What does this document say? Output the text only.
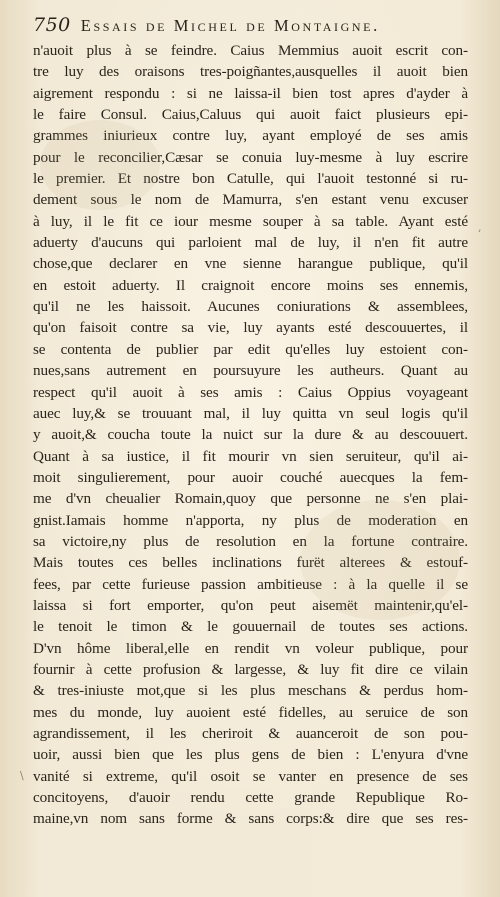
750 Essais de Michel de Montaigne.
n'auoit plus à se feindre. Caius Memmius auoit escrit con-
tre luy des oraisons tres-poigñantes,ausquelles il auoit bien
aigrement respondu : si ne laissa-il bien tost apres d'ayder à
le faire Consul. Caius,Caluus qui auoit faict plusieurs epi-
grammes iniurieux contre luy, ayant employé de ses amis
pour le reconcilier,Cæsar se conuia luy-mesme à luy escrire
le premier. Et nostre bon Catulle, qui l'auoit testonné si ru-
dement sous le nom de Mamurra, s'en estant venu excuser
à luy, il le fit ce iour mesme souper à sa table. Ayant esté
aduerty d'aucuns qui parloient mal de luy, il n'en fit autre
chose,que declarer en vne sienne harangue publique, qu'il
en estoit aduerty. Il craignoit encore moins ses ennemis,
qu'il ne les haissoit. Aucunes coniurations & assemblees,
qu'on faisoit contre sa vie, luy ayants esté descouuertes, il
se contenta de publier par edit qu'elles luy estoient con-
nues,sans autrement en poursuyure les autheurs. Quant au
respect qu'il auoit à ses amis : Caius Oppius voyageant
auec luy,& se trouuant mal, il luy quitta vn seul logis qu'il
y auoit,& coucha toute la nuict sur la dure & au descouuert.
Quant à sa iustice, il fit mourir vn sien seruiteur, qu'il ai-
moit singulierement, pour auoir couché auecques la fem-
me d'vn cheualier Romain,quoy que personne ne s'en plai-
gnist.Iamais homme n'apporta, ny plus de moderation en
sa victoire,ny plus de resolution en la fortune contraire.
Mais toutes ces belles inclinations furët alterees & estouf-
fees, par cette furieuse passion ambitieuse : à la quelle il se
laissa si fort emporter, qu'on peut aisemët maintenir,qu'el-
le tenoit le timon & le gouuernail de toutes ses actions.
D'vn hôme liberal,elle en rendit vn voleur publique, pour
fournir à cette profusion & largesse, & luy fit dire ce vilain
& tres-iniuste mot,que si les plus meschans & perdus hom-
mes du monde, luy auoient esté fidelles, au seruice de son
agrandissement, il les cheriroit & auanceroit de son pou-
uoir, aussi bien que les plus gens de bien : L'enyura d'vne
vanité si extreme, qu'il osoit se vanter en presence de ses
concitoyens, d'auoir rendu cette grande Republique Ro-
maine,vn nom sans forme & sans corps:& dire que ses res-
,
\
